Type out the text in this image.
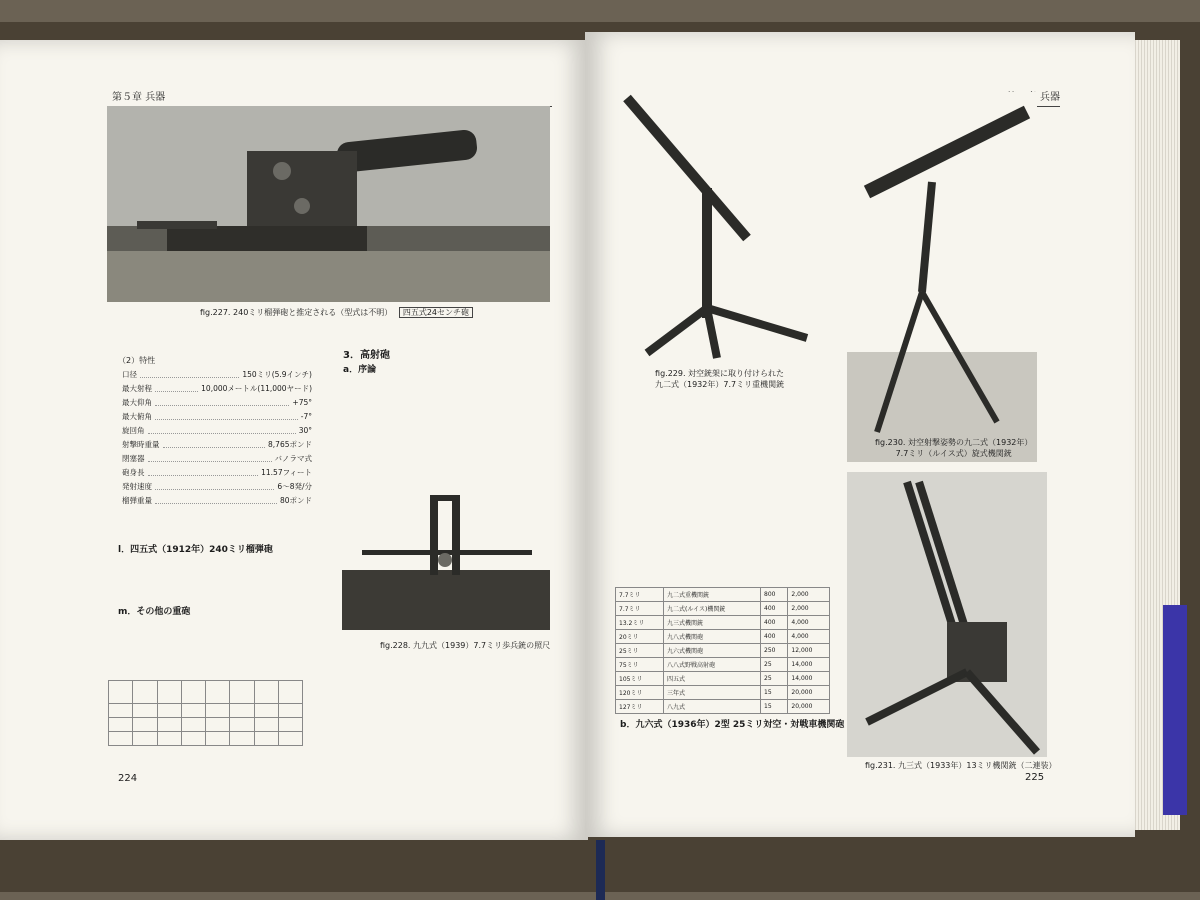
第５章 兵器
fig.227. 240ミリ榴弾砲と推定される（型式は不明） 四五式24センチ砲
（2）特性
口径	150ミリ(5.9インチ)
最大射程	10,000メートル(11,000ヤード)
最大仰角	+75°
最大俯角	-7°
旋回角	30°
射撃時重量	8,765ポンド
閉塞器	バノラマ式
砲身長	11.57フィート
発射速度	6〜8発/分
榴弾重量	80ポンド
l．四五式（1912年）240ミリ榴弾砲
m．その他の重砲

224
3．高射砲
a．序論
fig.228. 九九式（1939）7.7ミリ歩兵銃の照尺
兵器
fig.229. 対空銃架に取り付けられた
九二式（1932年）7.7ミリ重機関銃
fig.230. 対空射撃姿勢の九二式（1932年）
7.7ミリ（ルイス式）旋式機関銃
7.7ミリ	九二式重機関銃	800	2,000
7.7ミリ	九二式(ルイス)機関銃	400	2,000
13.2ミリ	九三式機関銃	400	4,000
20ミリ	九八式機関砲	400	4,000
25ミリ	九六式機関砲	250	12,000
75ミリ	八八式野戦高射砲	25	14,000
105ミリ	四五式	25	14,000
120ミリ	三年式	15	20,000
127ミリ	八九式	15	20,000
b．九六式（1936年）2型 25ミリ対空・対戦車機関砲
fig.231. 九三式（1933年）13ミリ機関銃（二連装）
225
